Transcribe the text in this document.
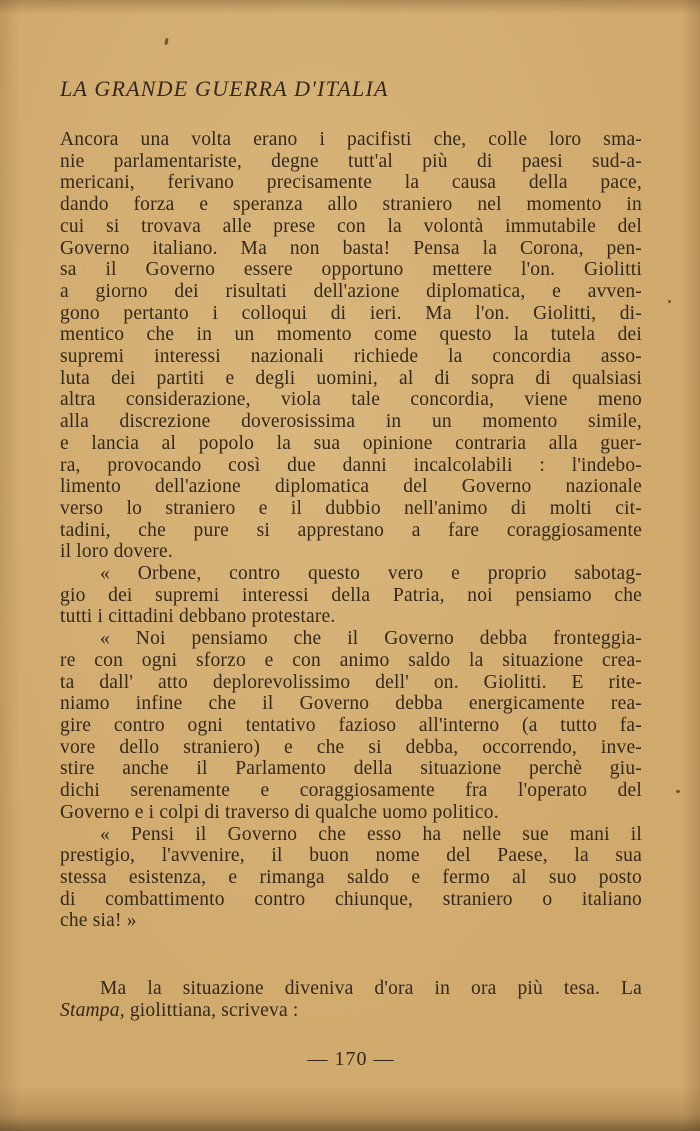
LA GRANDE GUERRA D'ITALIA
Ancora una volta erano i pacifisti che, colle loro sma-
nie parlamentariste, degne tutt'al più di paesi sud-a-
mericani, ferivano precisamente la causa della pace,
dando forza e speranza allo straniero nel momento in
cui si trovava alle prese con la volontà immutabile del
Governo italiano. Ma non basta! Pensa la Corona, pen-
sa il Governo essere opportuno mettere l'on. Giolitti
a giorno dei risultati dell'azione diplomatica, e avven-
gono pertanto i colloqui di ieri. Ma l'on. Giolitti, di-
mentico che in un momento come questo la tutela dei
supremi interessi nazionali richiede la concordia asso-
luta dei partiti e degli uomini, al di sopra di qualsiasi
altra considerazione, viola tale concordia, viene meno
alla discrezione doverosissima in un momento simile,
e lancia al popolo la sua opinione contraria alla guer-
ra, provocando così due danni incalcolabili : l'indebo-
limento dell'azione diplomatica del Governo nazionale
verso lo straniero e il dubbio nell'animo di molti cit-
tadini, che pure si apprestano a fare coraggiosamente
il loro dovere.
« Orbene, contro questo vero e proprio sabotag-
gio dei supremi interessi della Patria, noi pensiamo che
tutti i cittadini debbano protestare.
« Noi pensiamo che il Governo debba fronteggia-
re con ogni sforzo e con animo saldo la situazione crea-
ta dall' atto deplorevolissimo dell' on. Giolitti. E rite-
niamo infine che il Governo debba energicamente rea-
gire contro ogni tentativo fazioso all'interno (a tutto fa-
vore dello straniero) e che si debba, occorrendo, inve-
stire anche il Parlamento della situazione perchè giu-
dichi serenamente e coraggiosamente fra l'operato del
Governo e i colpi di traverso di qualche uomo politico.
« Pensi il Governo che esso ha nelle sue mani il
prestigio, l'avvenire, il buon nome del Paese, la sua
stessa esistenza, e rimanga saldo e fermo al suo posto
di combattimento contro chiunque, straniero o italiano
che sia! »
Ma la situazione diveniva d'ora in ora più tesa. La
Stampa, giolittiana, scriveva :
— 170 —
